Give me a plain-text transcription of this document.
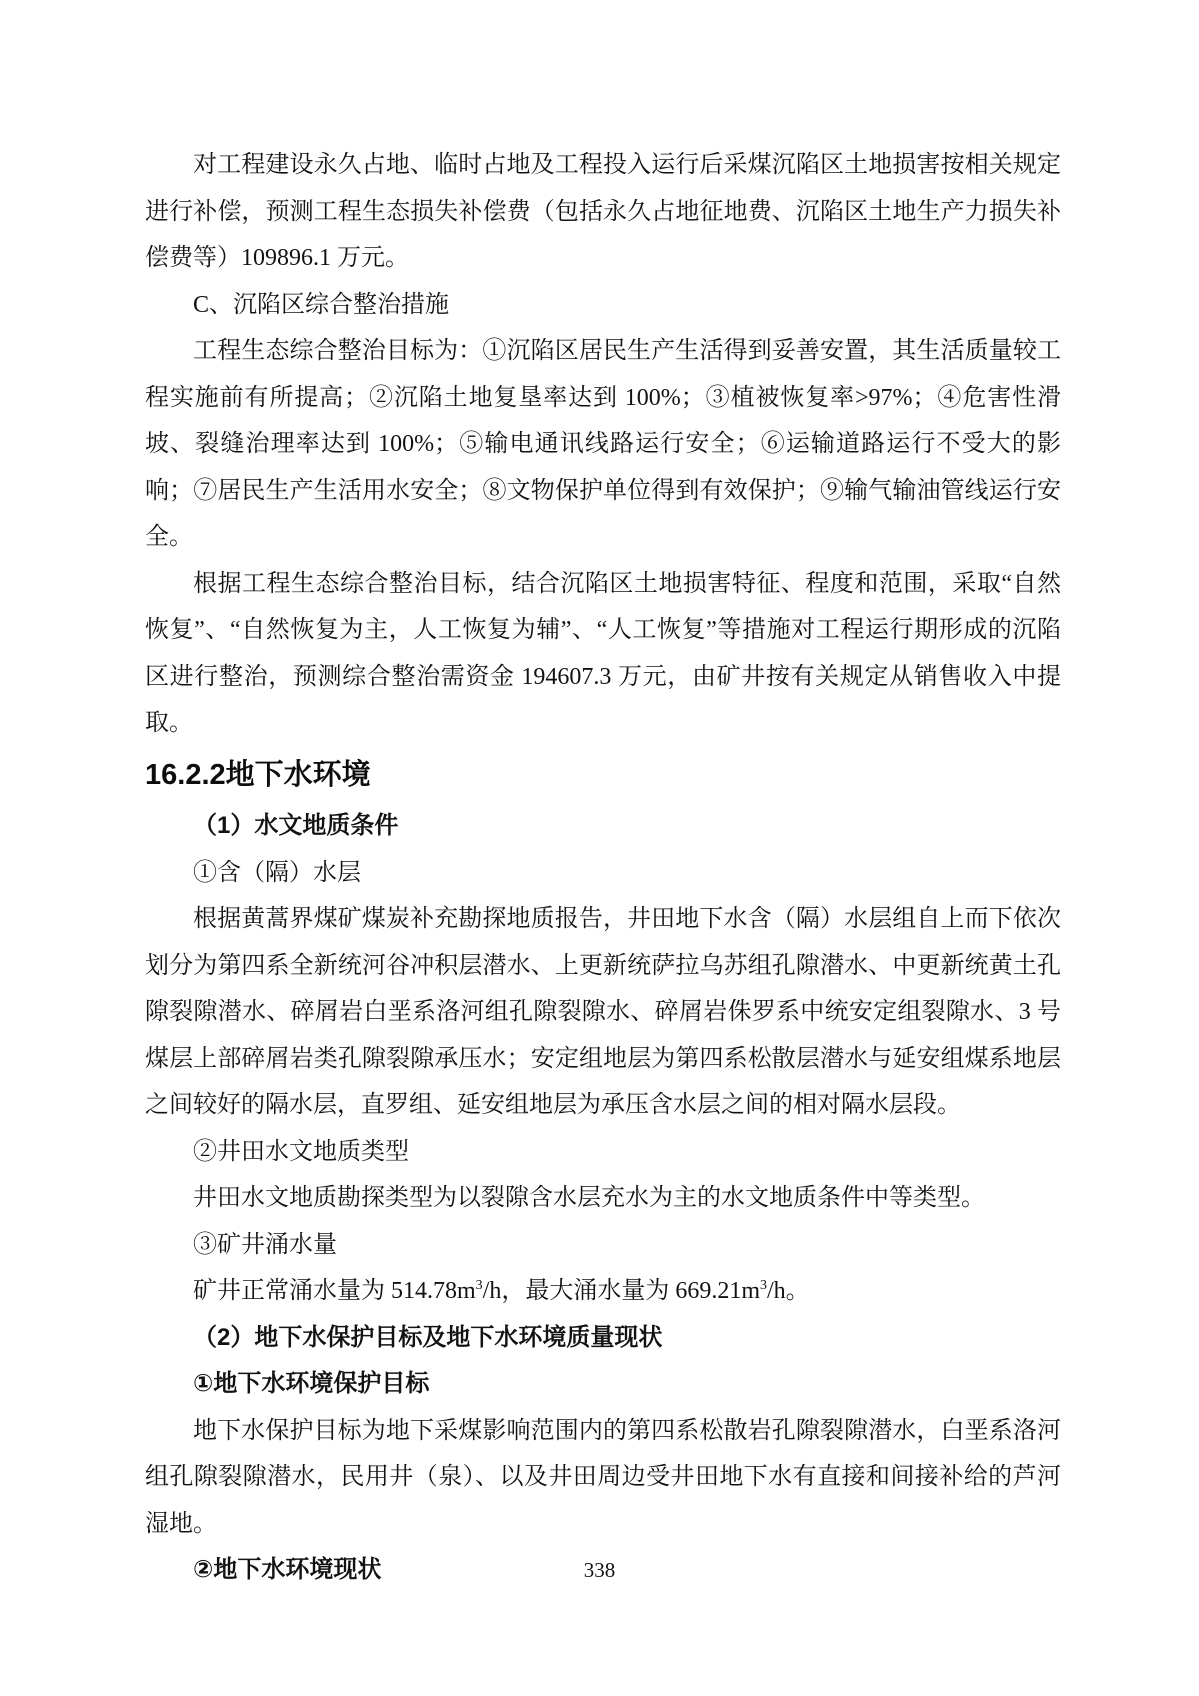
对工程建设永久占地、临时占地及工程投入运行后采煤沉陷区土地损害按相关规定进行补偿，预测工程生态损失补偿费（包括永久占地征地费、沉陷区土地生产力损失补偿费等）109896.1 万元。

C、沉陷区综合整治措施

工程生态综合整治目标为：①沉陷区居民生产生活得到妥善安置，其生活质量较工程实施前有所提高；②沉陷土地复垦率达到 100%；③植被恢复率>97%；④危害性滑坡、裂缝治理率达到 100%；⑤输电通讯线路运行安全；⑥运输道路运行不受大的影响；⑦居民生产生活用水安全；⑧文物保护单位得到有效保护；⑨输气输油管线运行安全。

根据工程生态综合整治目标，结合沉陷区土地损害特征、程度和范围，采取“自然恢复”、“自然恢复为主，人工恢复为辅”、“人工恢复”等措施对工程运行期形成的沉陷区进行整治，预测综合整治需资金 194607.3 万元，由矿井按有关规定从销售收入中提取。

16.2.2地下水环境

（1）水文地质条件

①含（隔）水层

根据黄蒿界煤矿煤炭补充勘探地质报告，井田地下水含（隔）水层组自上而下依次划分为第四系全新统河谷冲积层潜水、上更新统萨拉乌苏组孔隙潜水、中更新统黄土孔隙裂隙潜水、碎屑岩白垩系洛河组孔隙裂隙水、碎屑岩侏罗系中统安定组裂隙水、3 号煤层上部碎屑岩类孔隙裂隙承压水；安定组地层为第四系松散层潜水与延安组煤系地层之间较好的隔水层，直罗组、延安组地层为承压含水层之间的相对隔水层段。

②井田水文地质类型

井田水文地质勘探类型为以裂隙含水层充水为主的水文地质条件中等类型。

③矿井涌水量

矿井正常涌水量为 $514.78m^3/h$，最大涌水量为 $669.21m^3/h$。

（2）地下水保护目标及地下水环境质量现状

①地下水环境保护目标

地下水保护目标为地下采煤影响范围内的第四系松散岩孔隙裂隙潜水，白垩系洛河组孔隙裂隙潜水，民用井（泉）、以及井田周边受井田地下水有直接和间接补给的芦河湿地。

②地下水环境现状	338
